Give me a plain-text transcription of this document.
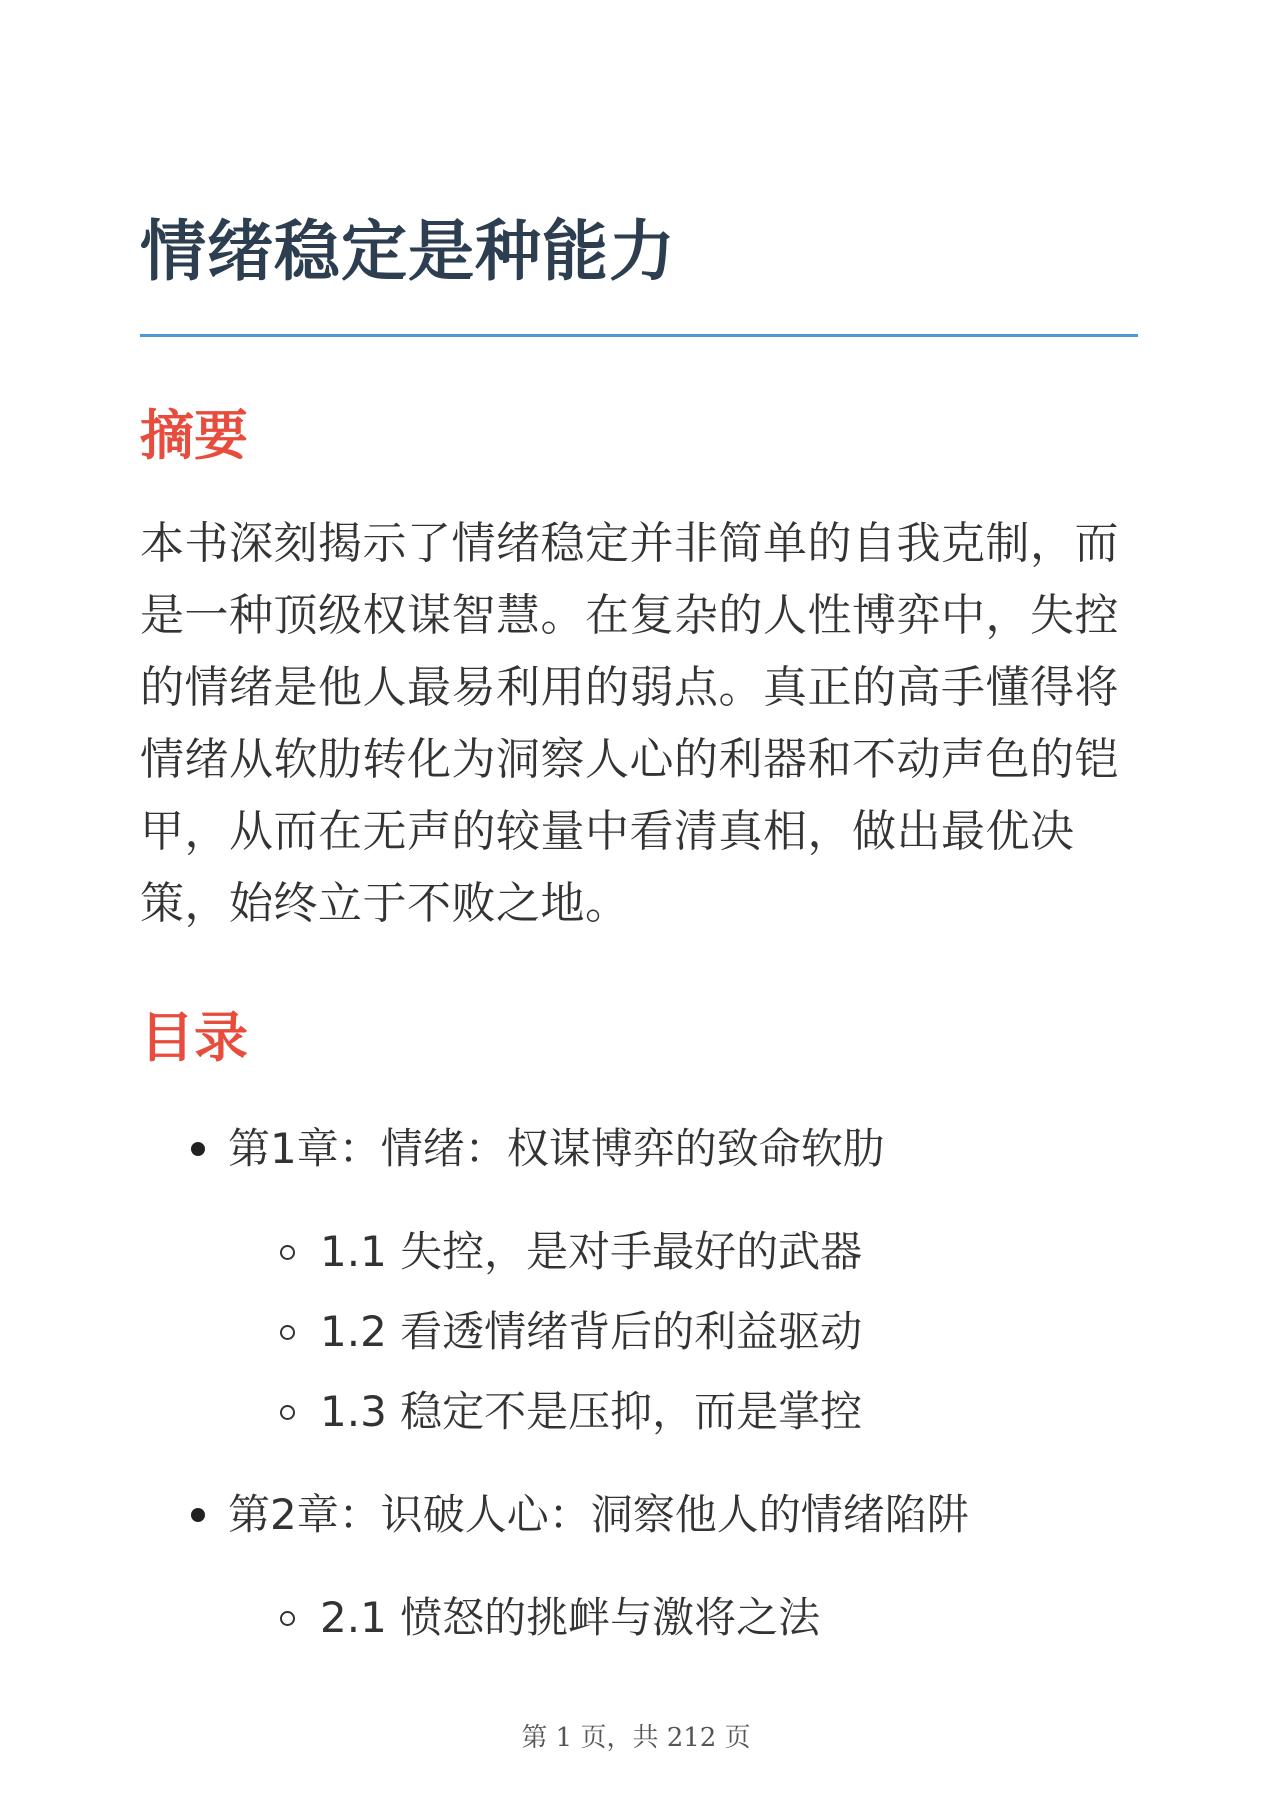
情绪稳定是种能力
摘要

本书深刻揭示了情绪稳定并非简单的自我克制，而是一种顶级权谋智慧。在复杂的人性博弈中，失控的情绪是他人最易利用的弱点。真正的高手懂得将情绪从软肋转化为洞察人心的利器和不动声色的铠甲，从而在无声的较量中看清真相，做出最优决策，始终立于不败之地。

目录
第1章：情绪：权谋博弈的致命软肋
1.1 失控，是对手最好的武器
1.2 看透情绪背后的利益驱动
1.3 稳定不是压抑，而是掌控
第2章：识破人心：洞察他人的情绪陷阱
2.1 愤怒的挑衅与激将之法
第 1 页，共 212 页
